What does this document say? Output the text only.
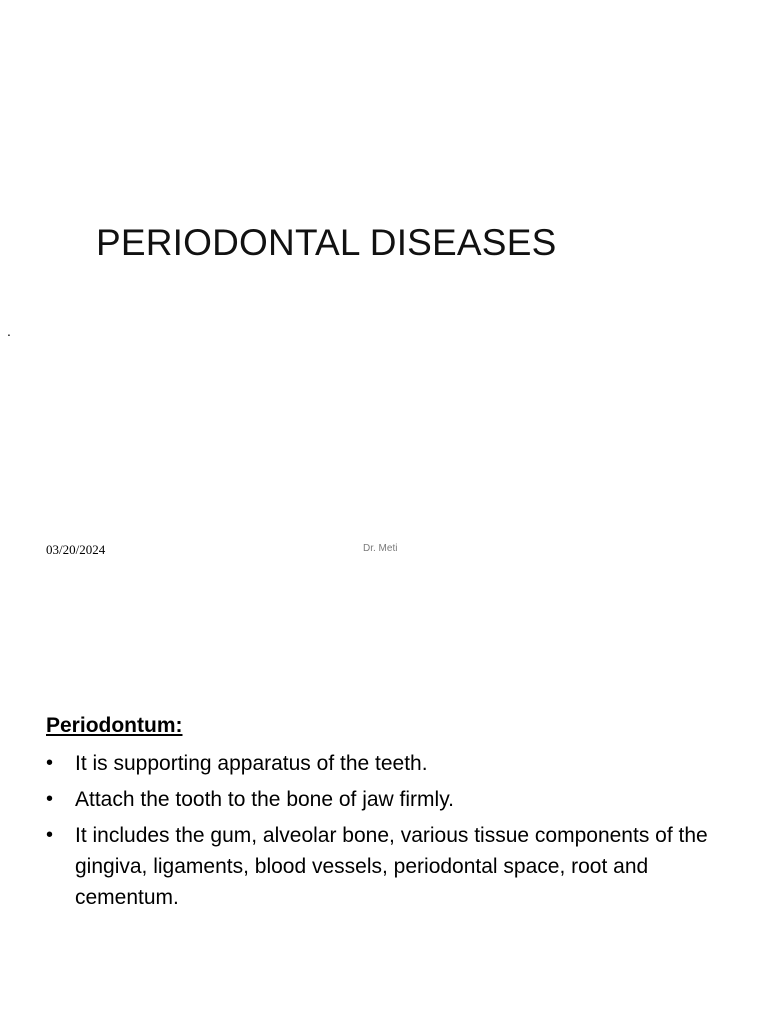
PERIODONTAL DISEASES
.
03/20/2024	Dr. Meti
Periodontum:
• It is supporting apparatus of the teeth.
• Attach the tooth to the bone of jaw firmly.
• It includes the gum, alveolar bone, various tissue components of the gingiva, ligaments, blood vessels, periodontal space, root and cementum.
